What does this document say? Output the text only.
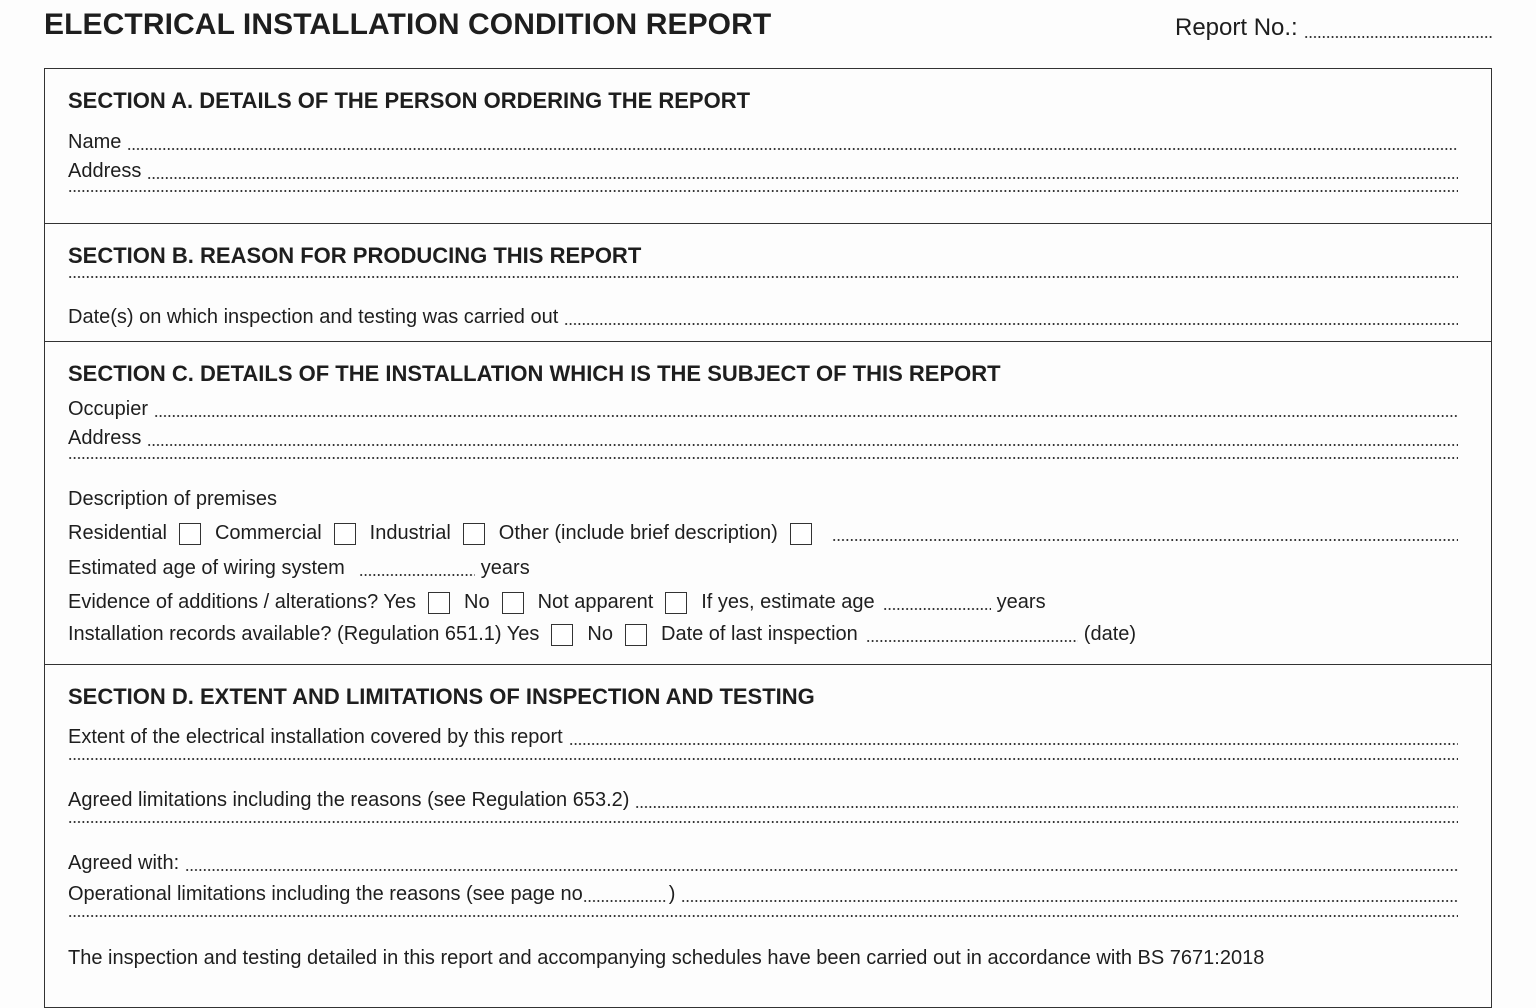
ELECTRICAL INSTALLATION CONDITION REPORT	Report No.:
SECTION A. DETAILS OF THE PERSON ORDERING THE REPORT
Name
Address
SECTION B. REASON FOR PRODUCING THIS REPORT
Date(s) on which inspection and testing was carried out
SECTION C. DETAILS OF THE INSTALLATION WHICH IS THE SUBJECT OF THIS REPORT
Occupier
Address
Description of premises
Residential Commercial Industrial Other (include brief description)
Estimated age of wiring system	years
Evidence of additions / alterations? Yes No Not apparent If yes, estimate age	years
Installation records available? (Regulation 651.1) Yes No Date of last inspection	(date)
SECTION D. EXTENT AND LIMITATIONS OF INSPECTION AND TESTING
Extent of the electrical installation covered by this report
Agreed limitations including the reasons (see Regulation 653.2)
Agreed with:
Operational limitations including the reasons (see page no	)
The inspection and testing detailed in this report and accompanying schedules have been carried out in accordance with BS 7671:2018
